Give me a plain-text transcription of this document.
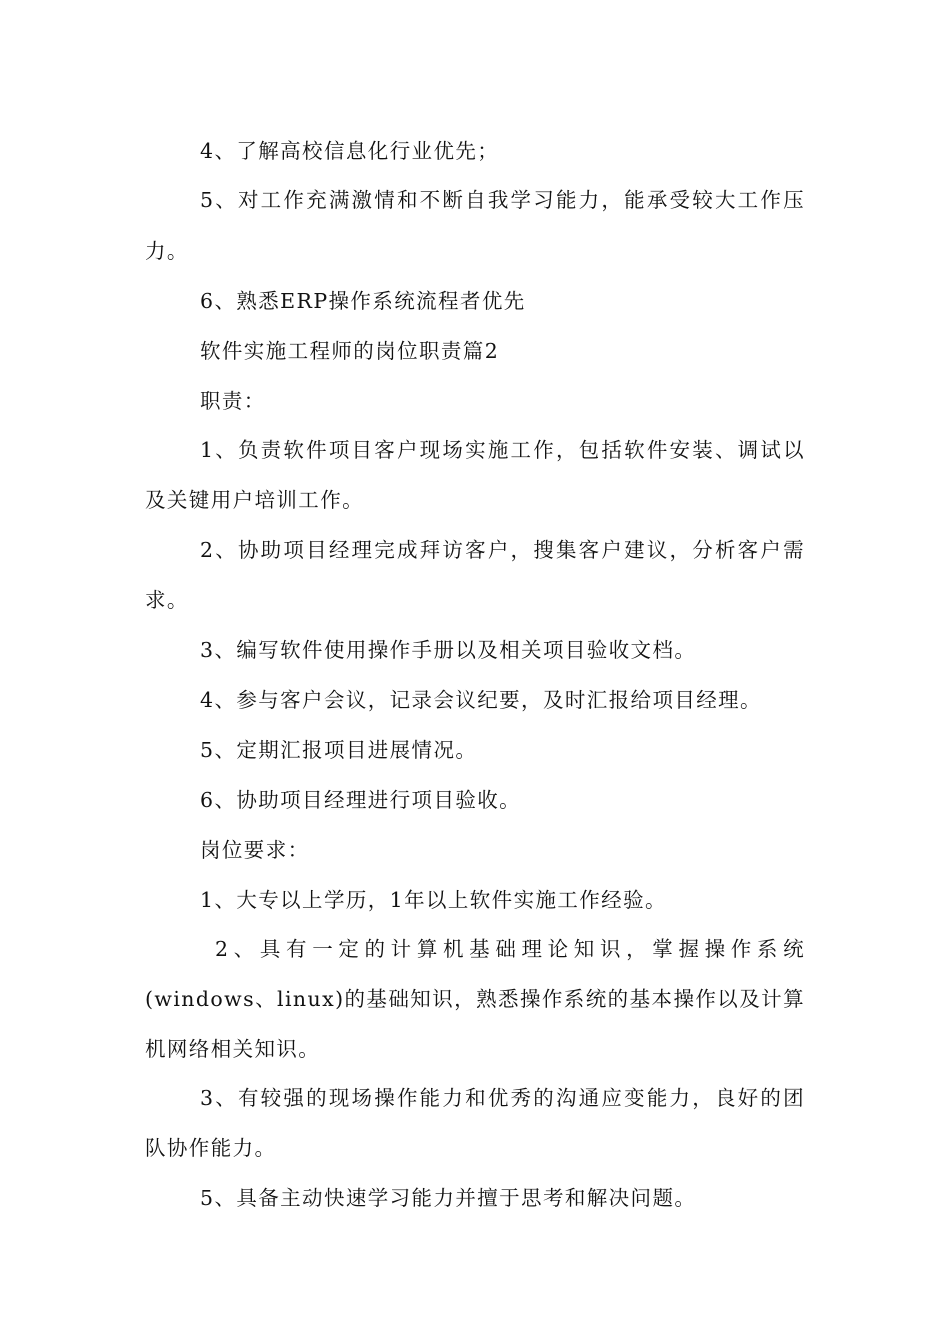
4、了解高校信息化行业优先；
5、对工作充满激情和不断自我学习能力，能承受较大工作压
力。
6、熟悉ERP操作系统流程者优先
软件实施工程师的岗位职责篇2
职责：
1、负责软件项目客户现场实施工作，包括软件安装、调试以
及关键用户培训工作。
2、协助项目经理完成拜访客户，搜集客户建议，分析客户需
求。
3、编写软件使用操作手册以及相关项目验收文档。
4、参与客户会议，记录会议纪要，及时汇报给项目经理。
5、定期汇报项目进展情况。
6、协助项目经理进行项目验收。
岗位要求：
1、大专以上学历，1年以上软件实施工作经验。
2、具有一定的计算机基础理论知识，掌握操作系统
(windows、linux)的基础知识，熟悉操作系统的基本操作以及计算
机网络相关知识。
3、有较强的现场操作能力和优秀的沟通应变能力，良好的团
队协作能力。
5、具备主动快速学习能力并擅于思考和解决问题。
